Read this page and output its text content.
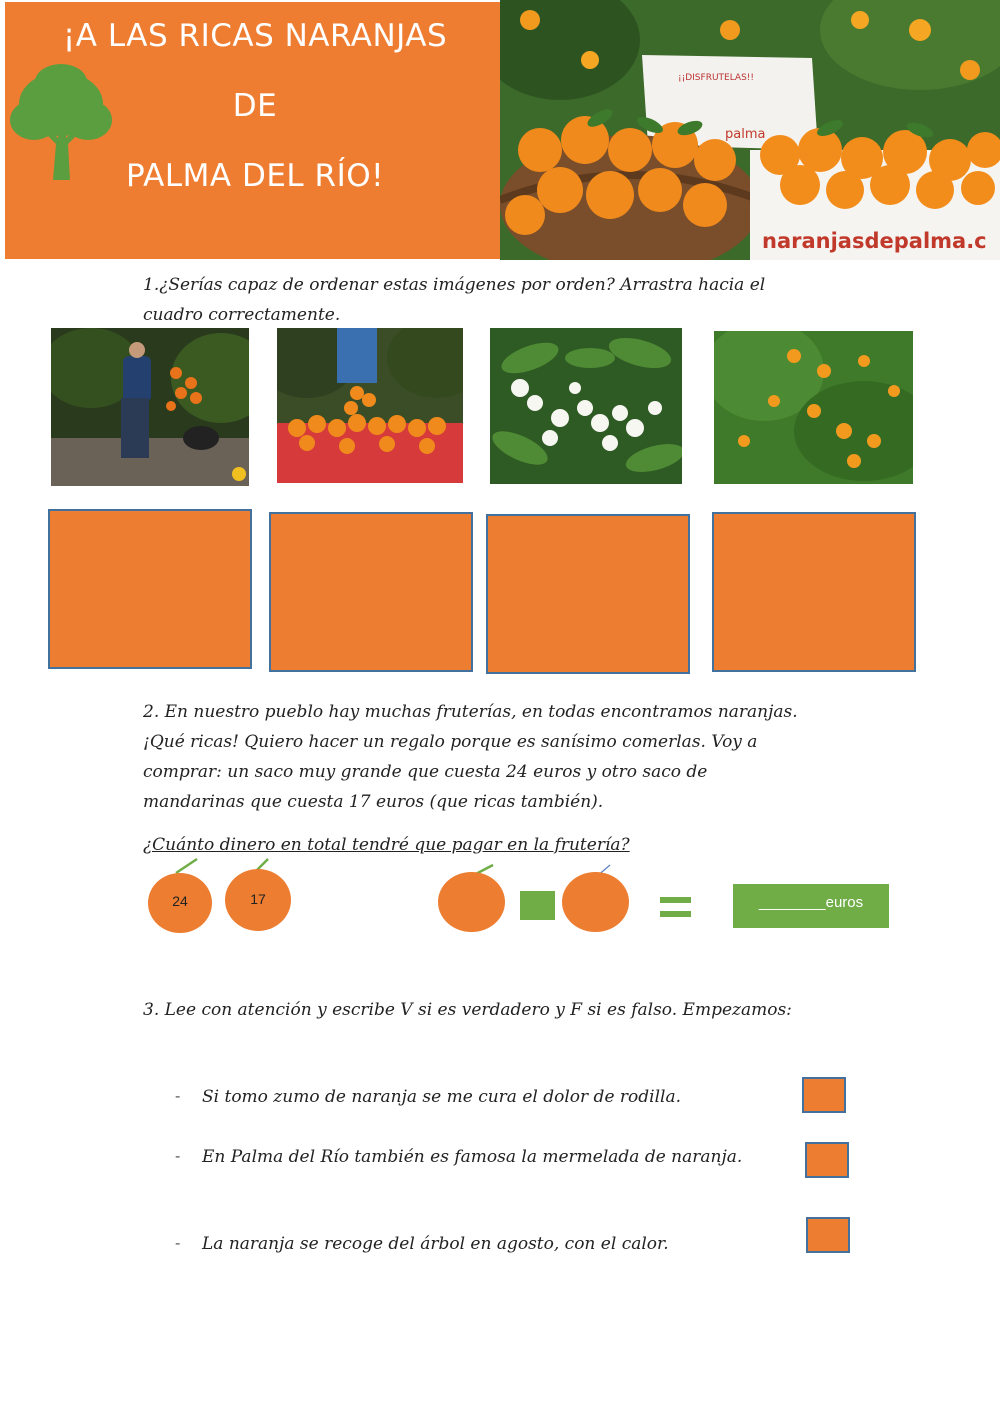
¡A LAS RICAS NARANJAS
DE
PALMA DEL RÍO!
¡¡DISFRUTELAS!!
palma
naranjasdepalma.c
1.¿Serías capaz de ordenar estas imágenes por orden? Arrastra hacia el
cuadro correctamente.
2. En nuestro pueblo hay muchas fruterías, en todas encontramos naranjas.
¡Qué ricas! Quiero hacer un regalo porque es sanísimo comerlas. Voy a
comprar: un saco muy grande que cuesta 24 euros y otro saco de
mandarinas que cuesta 17 euros (que ricas también).
¿Cuánto dinero en total tendré que pagar en la frutería?
24	17	________euros
3. Lee con atención y escribe V si es verdadero y F si es falso. Empezamos:
- Si tomo zumo de naranja se me cura el dolor de rodilla.
- En Palma del Río también es famosa la mermelada de naranja.
- La naranja se recoge del árbol en agosto, con el calor.
